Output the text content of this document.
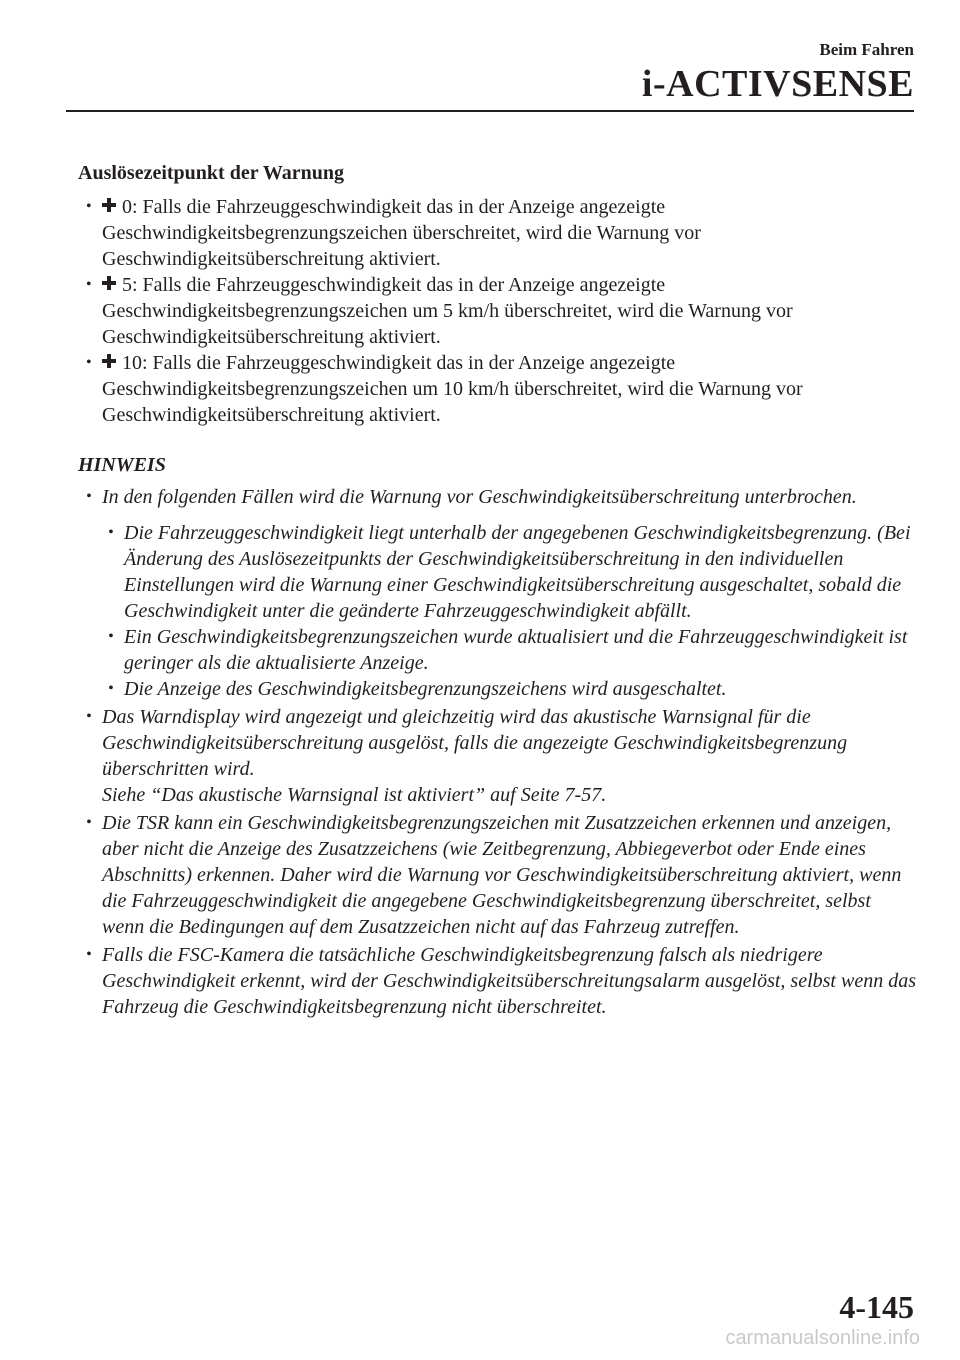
Beim Fahren
i-ACTIVSENSE
Auslösezeitpunkt der Warnung
• 0: Falls die Fahrzeuggeschwindigkeit das in der Anzeige angezeigte Geschwindigkeitsbegrenzungszeichen überschreitet, wird die Warnung vor Geschwindigkeitsüberschreitung aktiviert.
• 5: Falls die Fahrzeuggeschwindigkeit das in der Anzeige angezeigte Geschwindigkeitsbegrenzungszeichen um 5 km/h überschreitet, wird die Warnung vor Geschwindigkeitsüberschreitung aktiviert.
• 10: Falls die Fahrzeuggeschwindigkeit das in der Anzeige angezeigte Geschwindigkeitsbegrenzungszeichen um 10 km/h überschreitet, wird die Warnung vor Geschwindigkeitsüberschreitung aktiviert.
HINWEIS
• In den folgenden Fällen wird die Warnung vor Geschwindigkeitsüberschreitung unterbrochen.
• Die Fahrzeuggeschwindigkeit liegt unterhalb der angegebenen Geschwindigkeitsbegrenzung. (Bei Änderung des Auslösezeitpunkts der Geschwindigkeitsüberschreitung in den individuellen Einstellungen wird die Warnung einer Geschwindigkeitsüberschreitung ausgeschaltet, sobald die Geschwindigkeit unter die geänderte Fahrzeuggeschwindigkeit abfällt.
• Ein Geschwindigkeitsbegrenzungszeichen wurde aktualisiert und die Fahrzeuggeschwindigkeit ist geringer als die aktualisierte Anzeige.
• Die Anzeige des Geschwindigkeitsbegrenzungszeichens wird ausgeschaltet.
• Das Warndisplay wird angezeigt und gleichzeitig wird das akustische Warnsignal für die Geschwindigkeitsüberschreitung ausgelöst, falls die angezeigte Geschwindigkeitsbegrenzung überschritten wird.
Siehe “Das akustische Warnsignal ist aktiviert” auf Seite 7-57.
• Die TSR kann ein Geschwindigkeitsbegrenzungszeichen mit Zusatzzeichen erkennen und anzeigen, aber nicht die Anzeige des Zusatzzeichens (wie Zeitbegrenzung, Abbiegeverbot oder Ende eines Abschnitts) erkennen. Daher wird die Warnung vor Geschwindigkeitsüberschreitung aktiviert, wenn die Fahrzeuggeschwindigkeit die angegebene Geschwindigkeitsbegrenzung überschreitet, selbst wenn die Bedingungen auf dem Zusatzzeichen nicht auf das Fahrzeug zutreffen.
• Falls die FSC-Kamera die tatsächliche Geschwindigkeitsbegrenzung falsch als niedrigere Geschwindigkeit erkennt, wird der Geschwindigkeitsüberschreitungsalarm ausgelöst, selbst wenn das Fahrzeug die Geschwindigkeitsbegrenzung nicht überschreitet.
4-145
carmanualsonline.info
